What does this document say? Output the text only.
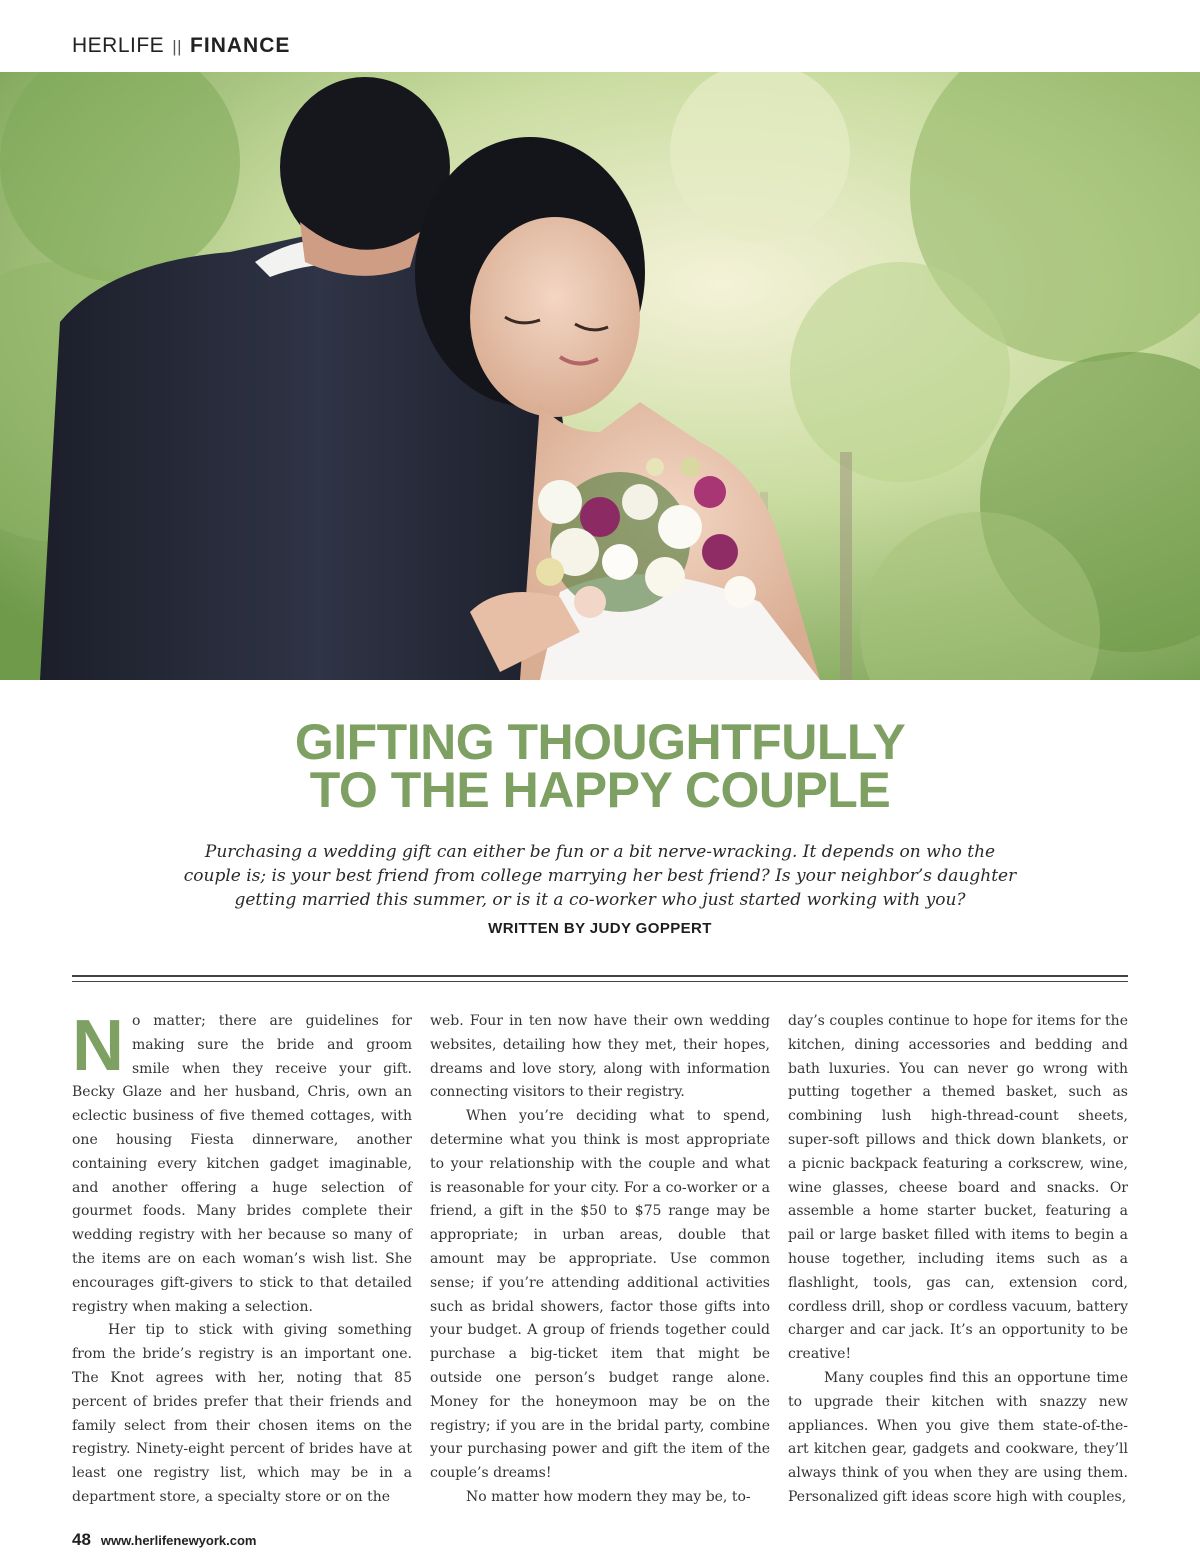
HERLIFE || FINANCE
GIFTING THOUGHTFULLY
TO THE HAPPY COUPLE
Purchasing a wedding gift can either be fun or a bit nerve-wracking. It depends on who the couple is; is your best friend from college marrying her best friend? Is your neighbor’s daughter getting married this summer, or is it a co-worker who just started working with you?
WRITTEN BY JUDY GOPPERT

No matter; there are guidelines for making sure the bride and groom smile when they receive your gift. Becky Glaze and her husband, Chris, own an eclectic business of five themed cottages, with one housing Fiesta dinnerware, another containing every kitchen gadget imaginable, and another offering a huge selection of gourmet foods. Many brides complete their wedding registry with her because so many of the items are on each woman’s wish list. She encourages gift-givers to stick to that detailed registry when making a selection.

Her tip to stick with giving something from the bride’s registry is an important one. The Knot agrees with her, noting that 85 percent of brides prefer that their friends and family select from their chosen items on the registry. Ninety-eight percent of brides have at least one registry list, which may be in a department store, a specialty store or on the

web. Four in ten now have their own wedding websites, detailing how they met, their hopes, dreams and love story, along with information connecting visitors to their registry.

When you’re deciding what to spend, determine what you think is most appropriate to your relationship with the couple and what is reasonable for your city. For a co-worker or a friend, a gift in the $50 to $75 range may be appropriate; in urban areas, double that amount may be appropriate. Use common sense; if you’re attending additional activities such as bridal showers, factor those gifts into your budget. A group of friends together could purchase a big-ticket item that might be outside one person’s budget range alone. Money for the honeymoon may be on the registry; if you are in the bridal party, combine your purchasing power and gift the item of the couple’s dreams!

No matter how modern they may be, to-

day’s couples continue to hope for items for the kitchen, dining accessories and bedding and bath luxuries. You can never go wrong with putting together a themed basket, such as combining lush high-thread-count sheets, super-soft pillows and thick down blankets, or a picnic backpack featuring a corkscrew, wine, wine glasses, cheese board and snacks. Or assemble a home starter bucket, featuring a pail or large basket filled with items to begin a house together, including items such as a flashlight, tools, gas can, extension cord, cordless drill, shop or cordless vacuum, battery charger and car jack. It’s an opportunity to be creative!

Many couples find this an opportune time to upgrade their kitchen with snazzy new appliances. When you give them state-of-the-art kitchen gear, gadgets and cookware, they’ll always think of you when they are using them. Personalized gift ideas score high with couples,

48 www.herlifenewyork.com
